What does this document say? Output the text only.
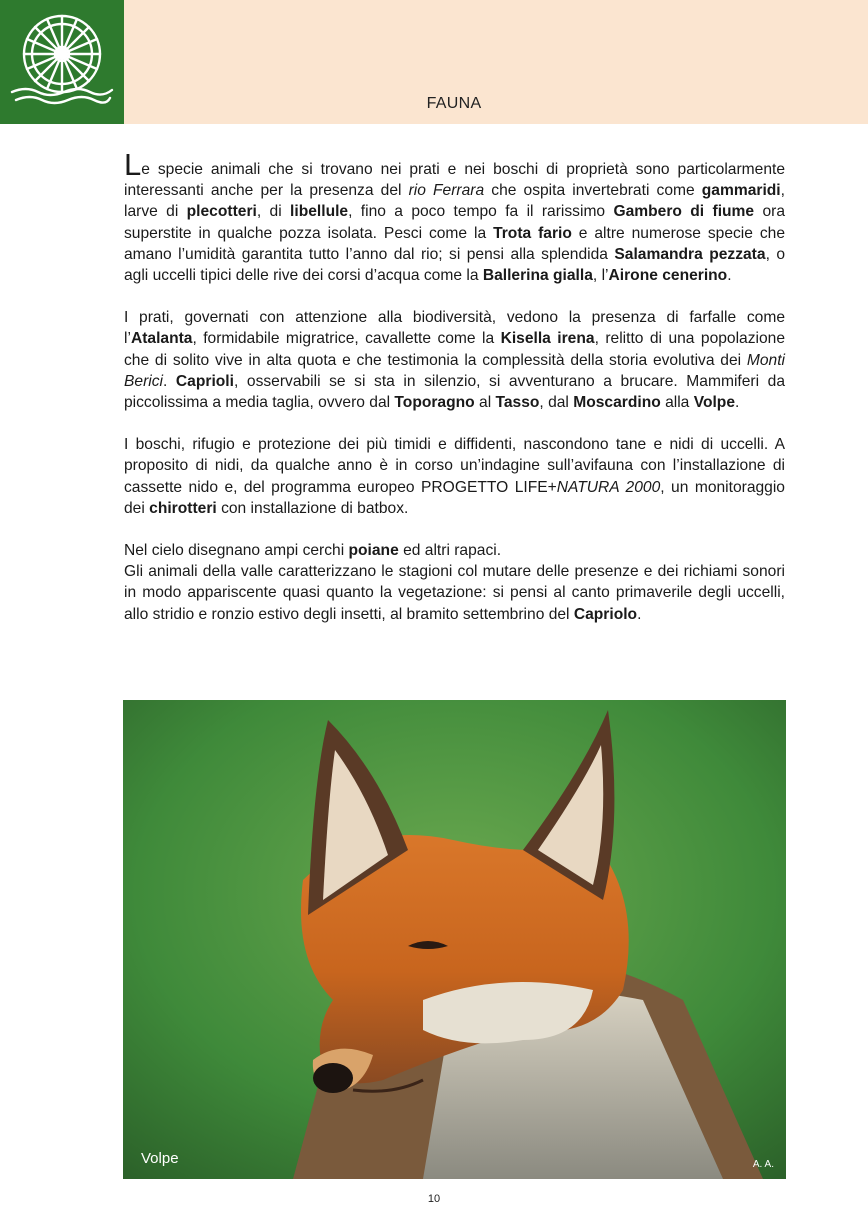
FAUNA

Le specie animali che si trovano nei prati e nei boschi di proprietà sono particolarmente interessanti anche per la presenza del rio Ferrara che ospita invertebrati come gammaridi, larve di plecotteri, di libellule, fino a poco tempo fa il rarissimo Gambero di fiume ora superstite in qualche pozza isolata. Pesci come la Trota fario e altre numerose specie che amano l’umidità garantita tutto l’anno dal rio; si pensi alla splendida Salamandra pezzata, o agli uccelli tipici delle rive dei corsi d’acqua come la Ballerina gialla, l’Airone cenerino.

I prati, governati con attenzione alla biodiversità, vedono la presenza di farfalle come l’Atalanta, formidabile migratrice, cavallette come la Kisella irena, relitto di una popolazione che di solito vive in alta quota e che testimonia la complessità della storia evolutiva dei Monti Berici. Caprioli, osservabili se si sta in silenzio, si avventurano a brucare. Mammiferi da piccolissima a media taglia, ovvero dal Toporagno al Tasso, dal Moscardino alla Volpe.

I boschi, rifugio e protezione dei più timidi e diffidenti, nascondono tane e nidi di uccelli. A proposito di nidi, da qualche anno è in corso un’indagine sull’avifauna con l’installazione di cassette nido e, del programma europeo PROGETTO LIFE+NATURA 2000, un monitoraggio dei chirotteri con installazione di batbox.

Nel cielo disegnano ampi cerchi poiane ed altri rapaci.

Gli animali della valle caratterizzano le stagioni col mutare delle presenze e dei richiami sonori in modo appariscente quasi quanto la vegetazione: si pensi al canto primaverile degli uccelli, allo stridio e ronzio estivo degli insetti, al bramito settembrino del Capriolo.

Volpe	A. A.
10
